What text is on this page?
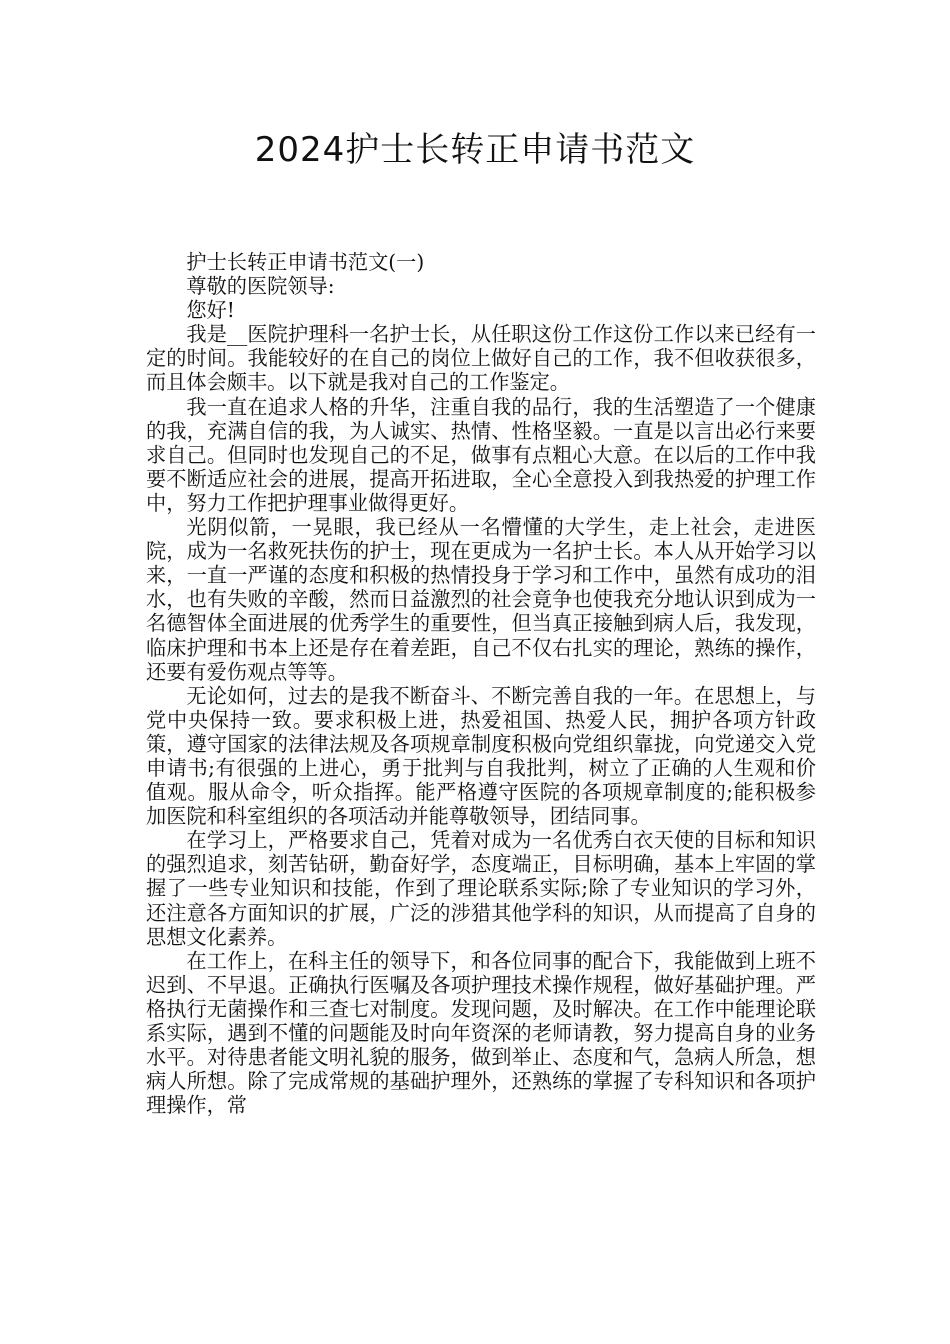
2024护士长转正申请书范文

护士长转正申请书范文(一)

尊敬的医院领导:

您好!

我是__医院护理科一名护士长，从任职这份工作这份工作以来已经有一定的时间。我能较好的在自己的岗位上做好自己的工作，我不但收获很多，而且体会颇丰。以下就是我对自己的工作鉴定。

我一直在追求人格的升华，注重自我的品行，我的生活塑造了一个健康的我，充满自信的我，为人诚实、热情、性格坚毅。一直是以言出必行来要求自己。但同时也发现自己的不足，做事有点粗心大意。在以后的工作中我要不断适应社会的进展，提高开拓进取，全心全意投入到我热爱的护理工作中，努力工作把护理事业做得更好。

光阴似箭，一晃眼，我已经从一名懵懂的大学生，走上社会，走进医院，成为一名救死扶伤的护士，现在更成为一名护士长。本人从开始学习以来，一直一严谨的态度和积极的热情投身于学习和工作中，虽然有成功的泪水，也有失败的辛酸，然而日益激烈的社会竟争也使我充分地认识到成为一名德智体全面进展的优秀学生的重要性，但当真正接触到病人后，我发现，临床护理和书本上还是存在着差距，自己不仅右扎实的理论，熟练的操作，还要有爱伤观点等等。

无论如何，过去的是我不断奋斗、不断完善自我的一年。在思想上，与党中央保持一致。要求积极上进，热爱祖国、热爱人民，拥护各项方针政策，遵守国家的法律法规及各项规章制度积极向党组织靠拢，向党递交入党申请书;有很强的上进心，勇于批判与自我批判，树立了正确的人生观和价值观。服从命令，听众指挥。能严格遵守医院的各项规章制度的;能积极参加医院和科室组织的各项活动并能尊敬领导，团结同事。

在学习上，严格要求自己，凭着对成为一名优秀白衣天使的目标和知识的强烈追求，刻苦钻研，勤奋好学，态度端正，目标明确，基本上牢固的掌握了一些专业知识和技能，作到了理论联系实际;除了专业知识的学习外，还注意各方面知识的扩展，广泛的涉猎其他学科的知识，从而提高了自身的思想文化素养。

在工作上，在科主任的领导下，和各位同事的配合下，我能做到上班不迟到、不早退。正确执行医嘱及各项护理技术操作规程，做好基础护理。严格执行无菌操作和三查七对制度。发现问题，及时解决。在工作中能理论联系实际，遇到不懂的问题能及时向年资深的老师请教，努力提高自身的业务水平。对待患者能文明礼貌的服务，做到举止、态度和气，急病人所急，想病人所想。除了完成常规的基础护理外，还熟练的掌握了专科知识和各项护理操作，常
